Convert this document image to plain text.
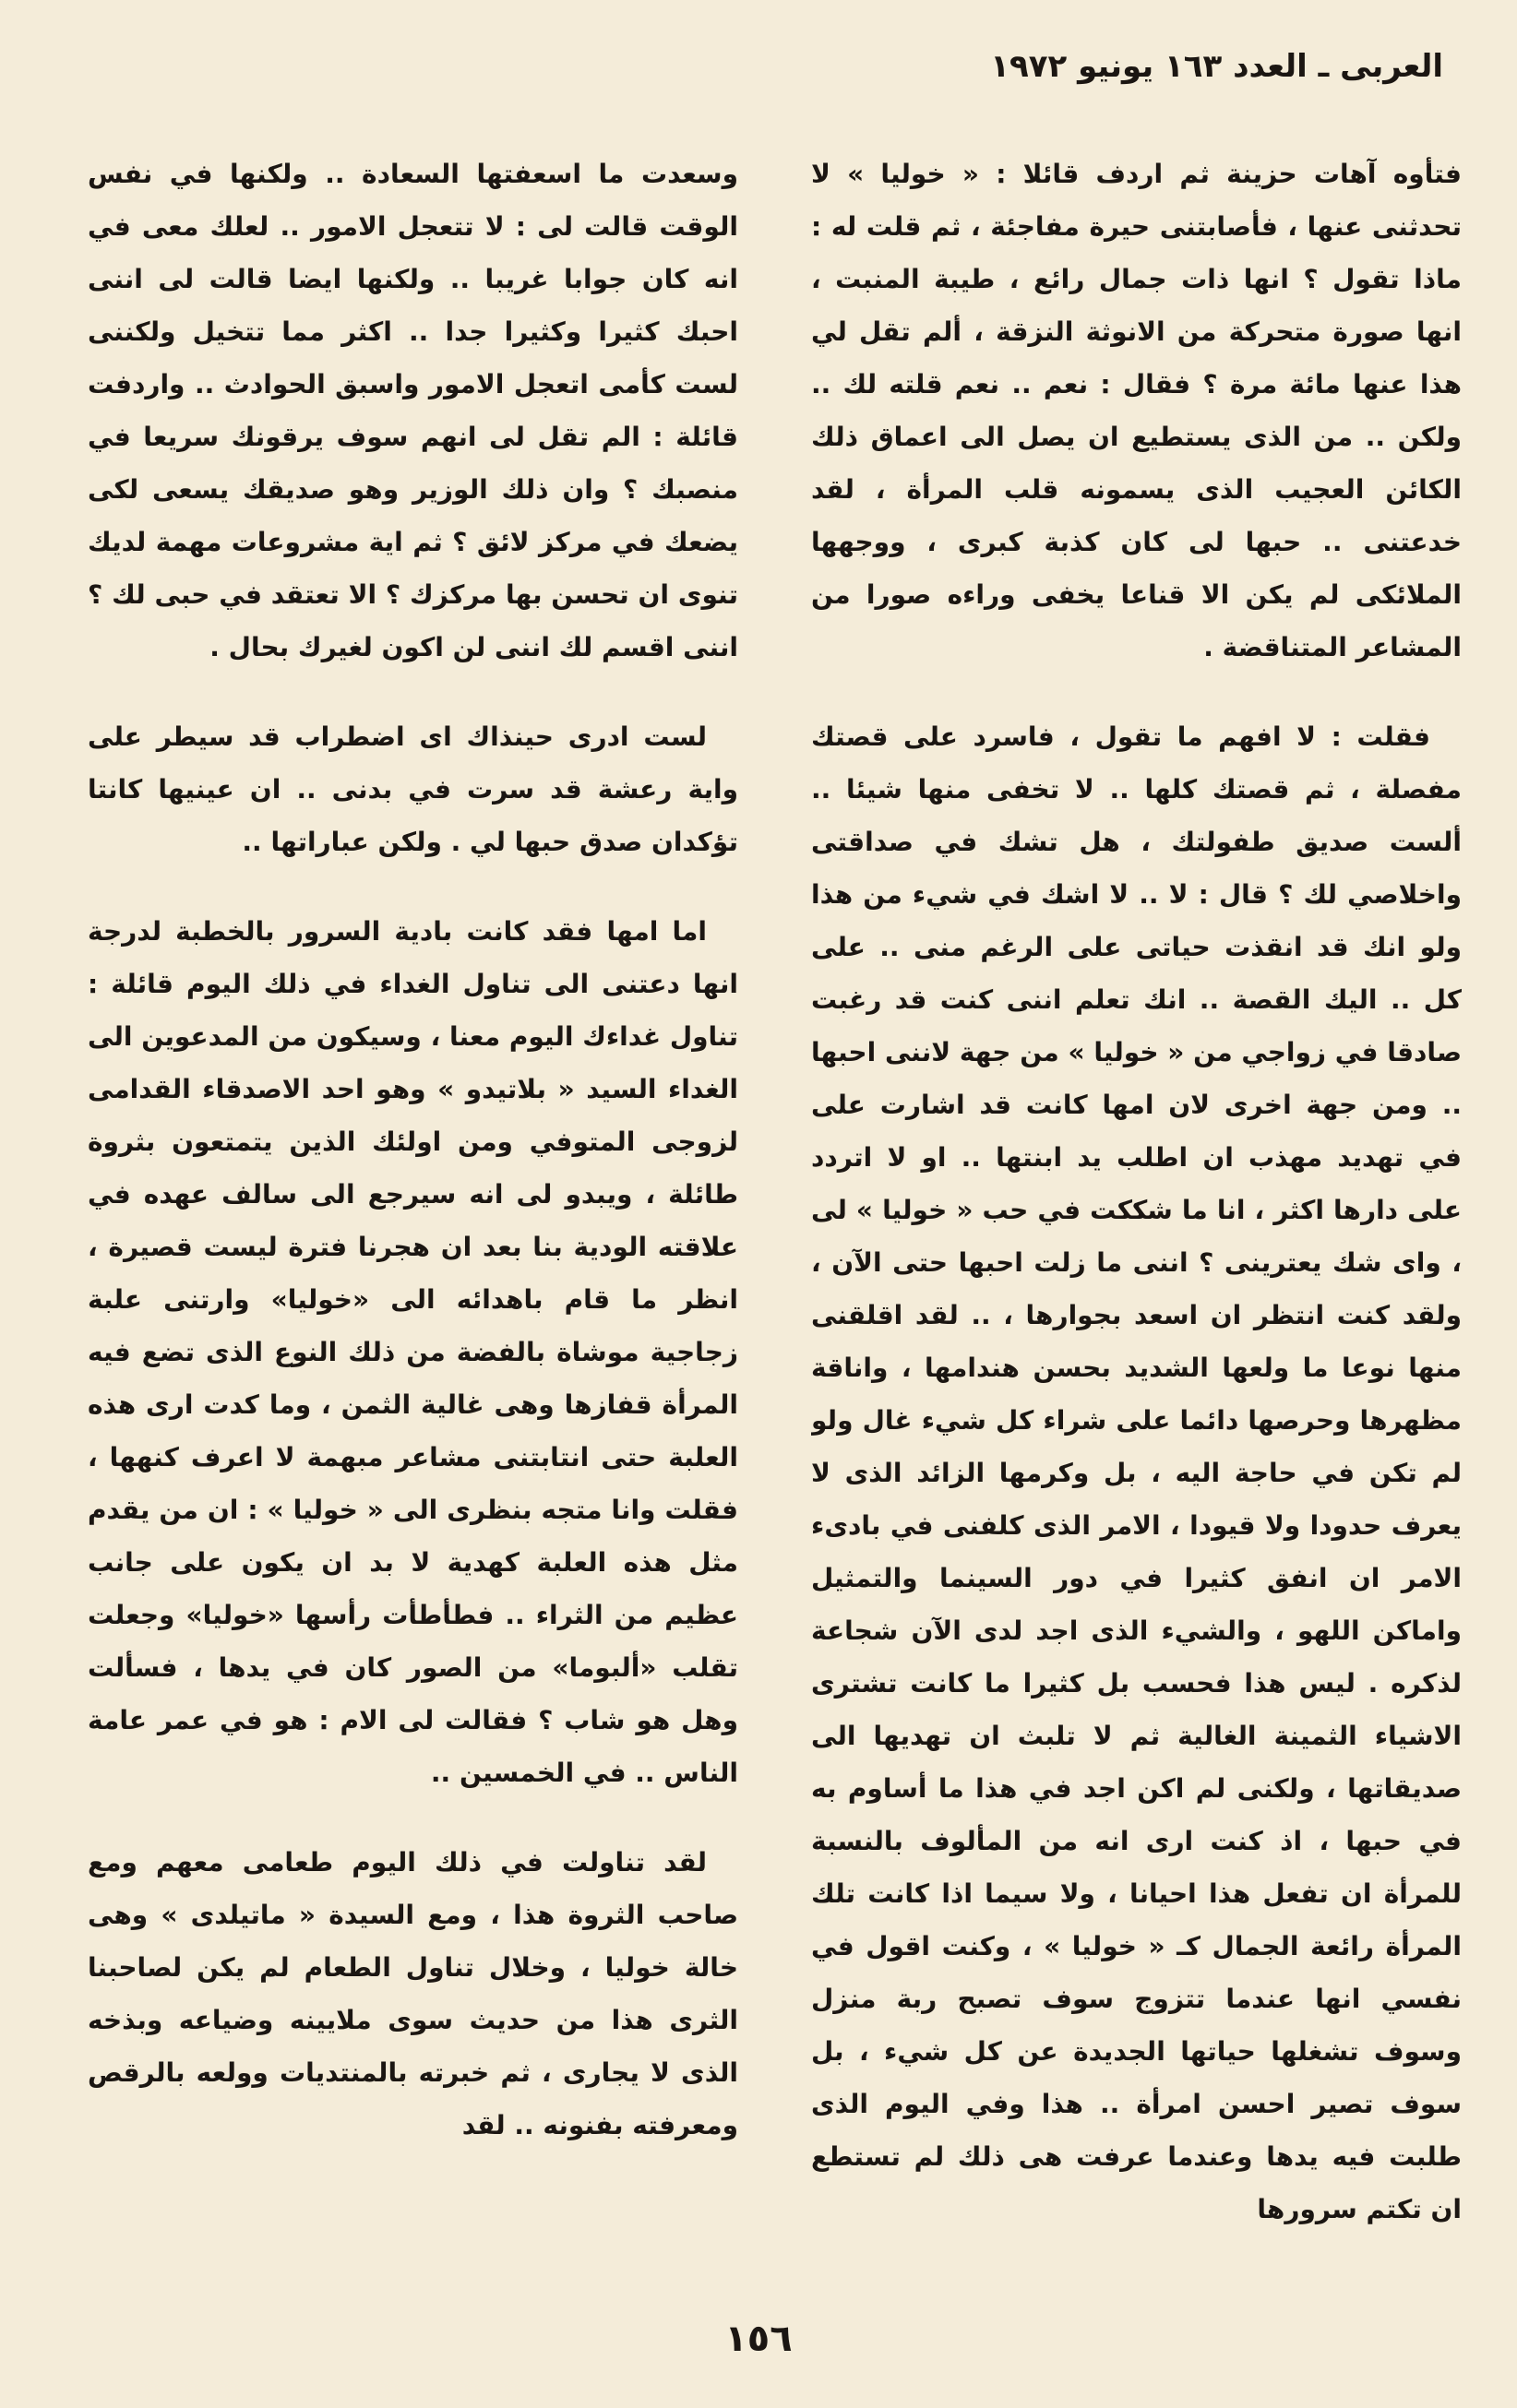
العربى ـ العدد ١٦٣ يونيو ١٩٧٢

فتأوه آهات حزينة ثم اردف قائلا : « خوليا » لا تحدثنى عنها ، فأصابتنى حيرة مفاجئة ، ثم قلت له : ماذا تقول ؟ انها ذات جمال رائع ، طيبة المنبت ، انها صورة متحركة من الانوثة النزقة ، ألم تقل لي هذا عنها مائة مرة ؟ فقال : نعم .. نعم قلته لك .. ولكن .. من الذى يستطيع ان يصل الى اعماق ذلك الكائن العجيب الذى يسمونه قلب المرأة ، لقد خدعتنى .. حبها لى كان كذبة كبرى ، ووجهها الملائكى لم يكن الا قناعا يخفى وراءه صورا من المشاعر المتناقضة .

فقلت : لا افهم ما تقول ، فاسرد على قصتك مفصلة ، ثم قصتك كلها .. لا تخفى منها شيئا .. ألست صديق طفولتك ، هل تشك في صداقتى واخلاصي لك ؟ قال : لا .. لا اشك في شيء من هذا ولو انك قد انقذت حياتى على الرغم منى .. على كل .. اليك القصة .. انك تعلم اننى كنت قد رغبت صادقا في زواجي من « خوليا » من جهة لاننى احبها .. ومن جهة اخرى لان امها كانت قد اشارت على في تهديد مهذب ان اطلب يد ابنتها .. او لا اتردد على دارها اكثر ، انا ما شككت في حب « خوليا » لى ، واى شك يعترينى ؟ اننى ما زلت احبها حتى الآن ، ولقد كنت انتظر ان اسعد بجوارها ، .. لقد اقلقنى منها نوعا ما ولعها الشديد بحسن هندامها ، واناقة مظهرها وحرصها دائما على شراء كل شيء غال ولو لم تكن في حاجة اليه ، بل وكرمها الزائد الذى لا يعرف حدودا ولا قيودا ، الامر الذى كلفنى في بادىء الامر ان انفق كثيرا في دور السينما والتمثيل واماكن اللهو ، والشيء الذى اجد لدى الآن شجاعة لذكره . ليس هذا فحسب بل كثيرا ما كانت تشترى الاشياء الثمينة الغالية ثم لا تلبث ان تهديها الى صديقاتها ، ولكنى لم اكن اجد في هذا ما أساوم به في حبها ، اذ كنت ارى انه من المألوف بالنسبة للمرأة ان تفعل هذا احيانا ، ولا سيما اذا كانت تلك المرأة رائعة الجمال كـ « خوليا » ، وكنت اقول في نفسي انها عندما تتزوج سوف تصبح ربة منزل وسوف تشغلها حياتها الجديدة عن كل شيء ، بل سوف تصير احسن امرأة .. هذا وفي اليوم الذى طلبت فيه يدها وعندما عرفت هى ذلك لم تستطع ان تكتم سرورها

وسعدت ما اسعفتها السعادة .. ولكنها في نفس الوقت قالت لى : لا تتعجل الامور .. لعلك معى في انه كان جوابا غريبا .. ولكنها ايضا قالت لى اننى احبك كثيرا وكثيرا جدا .. اكثر مما تتخيل ولكننى لست كأمى اتعجل الامور واسبق الحوادث .. واردفت قائلة : الم تقل لى انهم سوف يرقونك سريعا في منصبك ؟ وان ذلك الوزير وهو صديقك يسعى لكى يضعك في مركز لائق ؟ ثم اية مشروعات مهمة لديك تنوى ان تحسن بها مركزك ؟ الا تعتقد في حبى لك ؟ اننى اقسم لك اننى لن اكون لغيرك بحال .

لست ادرى حينذاك اى اضطراب قد سيطر على واية رعشة قد سرت في بدنى .. ان عينيها كانتا تؤكدان صدق حبها لي . ولكن عباراتها ..

اما امها فقد كانت بادية السرور بالخطبة لدرجة انها دعتنى الى تناول الغداء في ذلك اليوم قائلة : تناول غداءك اليوم معنا ، وسيكون من المدعوين الى الغداء السيد « بلاتيدو » وهو احد الاصدقاء القدامى لزوجى المتوفي ومن اولئك الذين يتمتعون بثروة طائلة ، ويبدو لى انه سيرجع الى سالف عهده في علاقته الودية بنا بعد ان هجرنا فترة ليست قصيرة ، انظر ما قام باهدائه الى «خوليا» وارتنى علبة زجاجية موشاة بالفضة من ذلك النوع الذى تضع فيه المرأة قفازها وهى غالية الثمن ، وما كدت ارى هذه العلبة حتى انتابتنى مشاعر مبهمة لا اعرف كنهها ، فقلت وانا متجه بنظرى الى « خوليا » : ان من يقدم مثل هذه العلبة كهدية لا بد ان يكون على جانب عظيم من الثراء .. فطأطأت رأسها «خوليا» وجعلت تقلب «ألبوما» من الصور كان في يدها ، فسألت وهل هو شاب ؟ فقالت لى الام : هو في عمر عامة الناس .. في الخمسين ..

لقد تناولت في ذلك اليوم طعامى معهم ومع صاحب الثروة هذا ، ومع السيدة « ماتيلدى » وهى خالة خوليا ، وخلال تناول الطعام لم يكن لصاحبنا الثرى هذا من حديث سوى ملايينه وضياعه وبذخه الذى لا يجارى ، ثم خبرته بالمنتديات وولعه بالرقص ومعرفته بفنونه .. لقد

١٥٦
